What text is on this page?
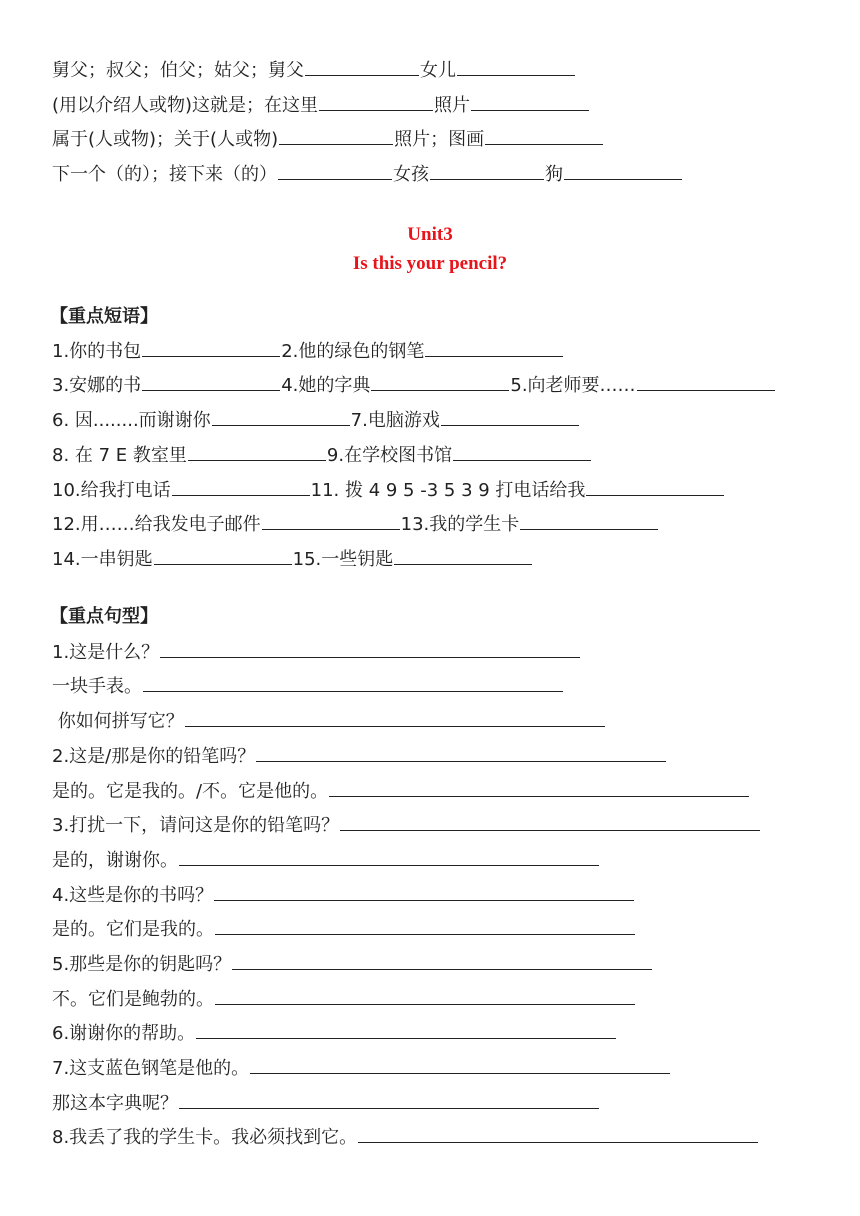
舅父；叔父；伯父；姑父；舅父	女儿
(用以介绍人或物)这就是；在这里	照片
属于(人或物)；关于(人或物)	照片；图画
下一个（的）；接下来（的）	女孩	狗
Unit3
Is this your pencil?
【重点短语】
1.你的书包	2.他的绿色的钢笔
3.安娜的书	4.她的字典	5.向老师要……
6. 因........而谢谢你	7.电脑游戏
8. 在 7 E 教室里	9.在学校图书馆
10.给我打电话	11. 拨 4 9 5 -3 5 3 9 打电话给我
12.用……给我发电子邮件	13.我的学生卡
14.一串钥匙	15.一些钥匙
【重点句型】
1.这是什么？
一块手表。
你如何拼写它？
2.这是/那是你的铅笔吗？
是的。它是我的。/不。它是他的。
3.打扰一下，请问这是你的铅笔吗？
是的，谢谢你。
4.这些是你的书吗？
是的。它们是我的。
5.那些是你的钥匙吗？
不。它们是鲍勃的。
6.谢谢你的帮助。
7.这支蓝色钢笔是他的。
那这本字典呢？
8.我丢了我的学生卡。我必须找到它。
